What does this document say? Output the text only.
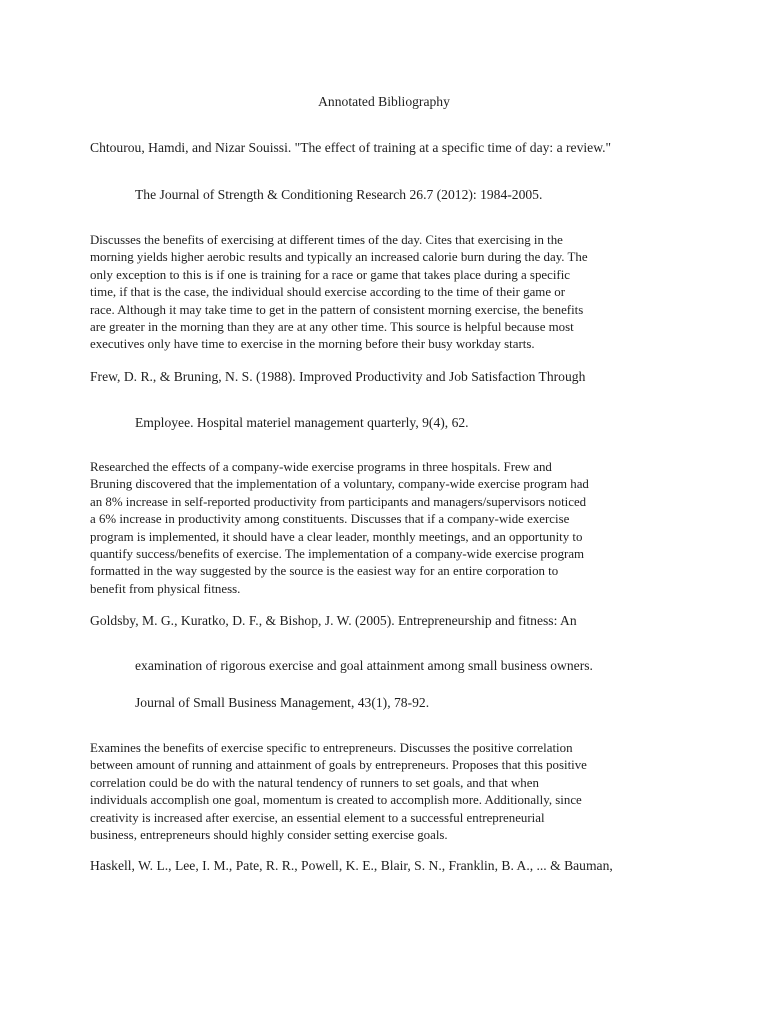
Annotated Bibliography

Chtourou, Hamdi, and Nizar Souissi. "The effect of training at a specific time of day: a review."

The Journal of Strength & Conditioning Research 26.7 (2012): 1984-2005.

Discusses the benefits of exercising at different times of the day. Cites that exercising in the
morning yields higher aerobic results and typically an increased calorie burn during the day. The
only exception to this is if one is training for a race or game that takes place during a specific
time, if that is the case, the individual should exercise according to the time of their game or
race. Although it may take time to get in the pattern of consistent morning exercise, the benefits
are greater in the morning than they are at any other time. This source is helpful because most
executives only have time to exercise in the morning before their busy workday starts.

Frew, D. R., & Bruning, N. S. (1988). Improved Productivity and Job Satisfaction Through

Employee. Hospital materiel management quarterly, 9(4), 62.

Researched the effects of a company-wide exercise programs in three hospitals. Frew and
Bruning discovered that the implementation of a voluntary, company-wide exercise program had
an 8% increase in self-reported productivity from participants and managers/supervisors noticed
a 6% increase in productivity among constituents. Discusses that if a company-wide exercise
program is implemented, it should have a clear leader, monthly meetings, and an opportunity to
quantify success/benefits of exercise. The implementation of a company-wide exercise program
formatted in the way suggested by the source is the easiest way for an entire corporation to
benefit from physical fitness.

Goldsby, M. G., Kuratko, D. F., & Bishop, J. W. (2005). Entrepreneurship and fitness: An

examination of rigorous exercise and goal attainment among small business owners.

Journal of Small Business Management, 43(1), 78-92.

Examines the benefits of exercise specific to entrepreneurs. Discusses the positive correlation
between amount of running and attainment of goals by entrepreneurs. Proposes that this positive
correlation could be do with the natural tendency of runners to set goals, and that when
individuals accomplish one goal, momentum is created to accomplish more. Additionally, since
creativity is increased after exercise, an essential element to a successful entrepreneurial
business, entrepreneurs should highly consider setting exercise goals.

Haskell, W. L., Lee, I. M., Pate, R. R., Powell, K. E., Blair, S. N., Franklin, B. A., ... & Bauman,
